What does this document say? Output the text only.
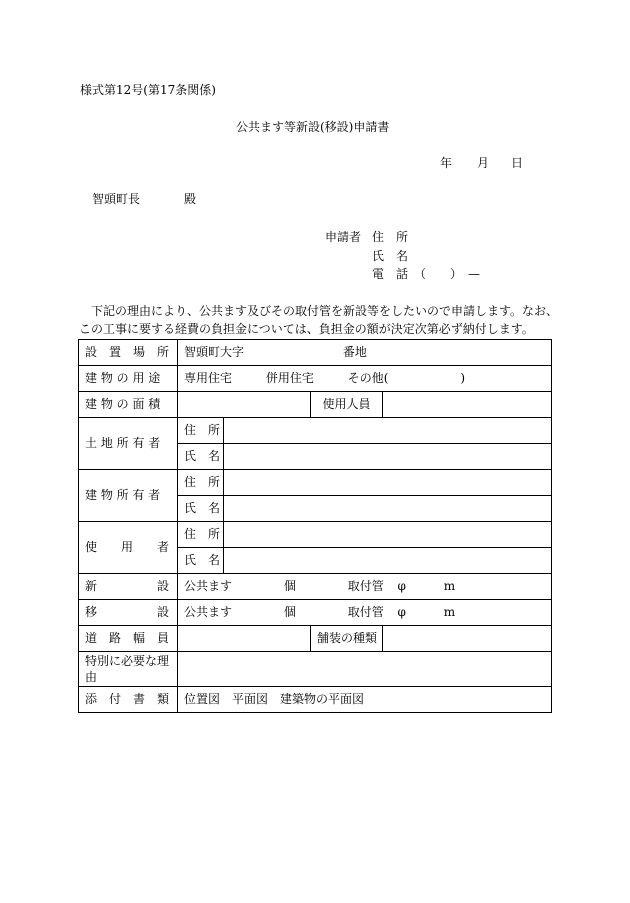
様式第12号(第17条関係)
公共ます等新設(移設)申請書
年 月 日
智頭町長	殿
申請者 住　所
氏　名
電　話　（　　）　—
下記の理由により、公共ます及びその取付管を新設等をしたいので申請します。なお、
この工事に要する経費の負担金については、負担金の額が決定次第必ず納付します。
設　置　場　所	智頭町大字 番地			
建 物 の 用 途	専用住宅 併用住宅 その他(　　　　　　)			
建 物 の 面 積			使用人員	
土 地 所 有 者	住　所			
	氏　名			
建 物 所 有 者	住　所			
	氏　名			
使　　用　　者	住　所			
	氏　名			
新　　　　　設	公共ます 個 取付管 φ m			
移　　　　　設	公共ます 個 取付管 φ m			
道　路　幅　員			舗装の種類	
特別に必要な理由				
添　付　書　類	位置図　平面図　建築物の平面図			
